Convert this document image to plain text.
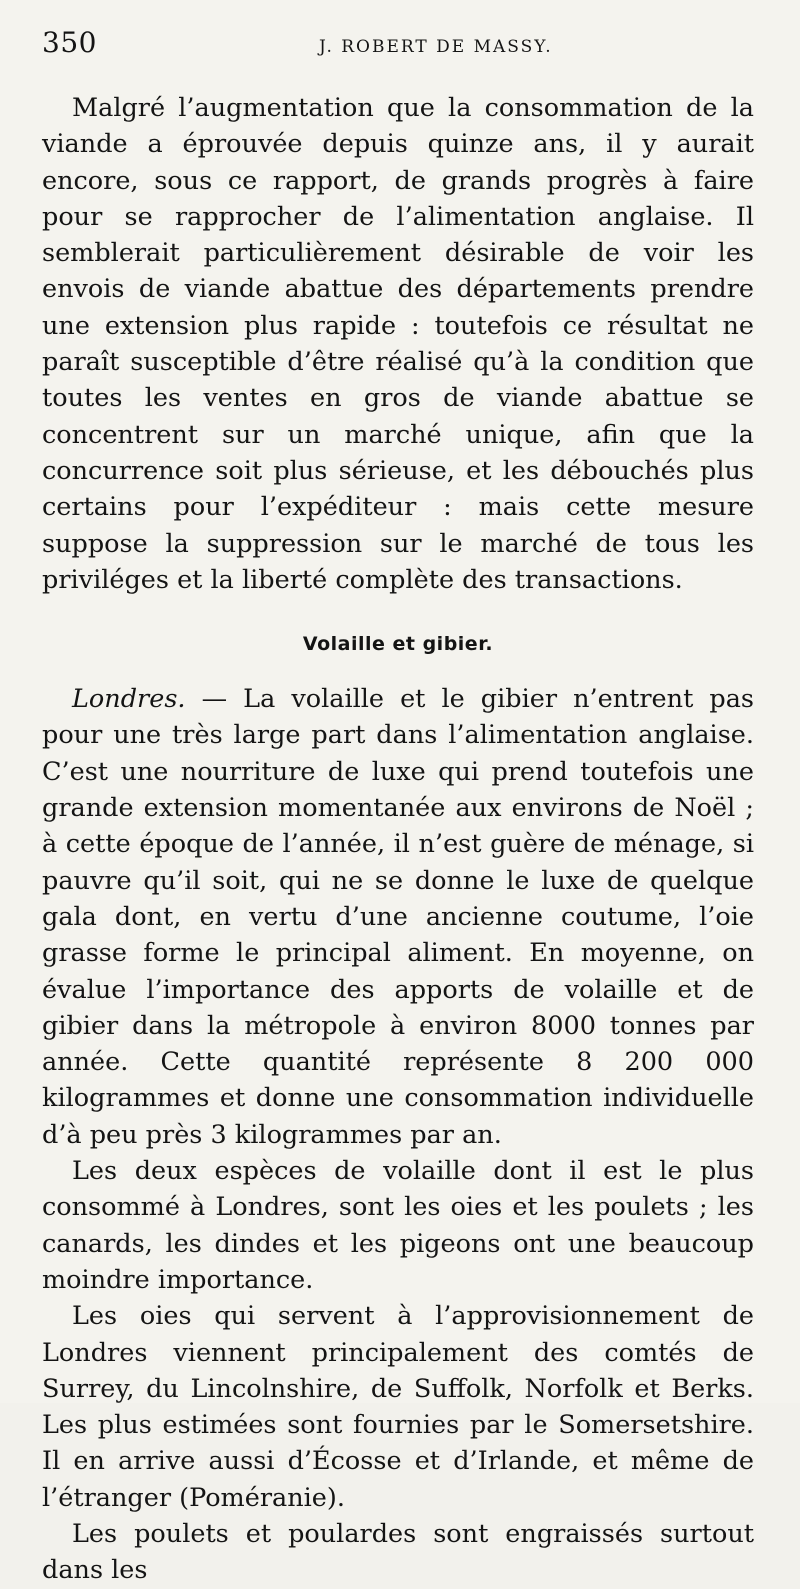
350	J. ROBERT DE MASSY.

Malgré l’augmentation que la consommation de la viande a éprouvée depuis quinze ans, il y aurait encore, sous ce rapport, de grands progrès à faire pour se rapprocher de l’alimentation anglaise. Il semblerait particulièrement désirable de voir les envois de viande abattue des départements prendre une extension plus rapide : toutefois ce résultat ne paraît susceptible d’être réalisé qu’à la condition que toutes les ventes en gros de viande abattue se concentrent sur un marché unique, afin que la concurrence soit plus sérieuse, et les débouchés plus certains pour l’expéditeur : mais cette mesure suppose la suppression sur le marché de tous les priviléges et la liberté complète des transactions.

Volaille et gibier.

Londres. — La volaille et le gibier n’entrent pas pour une très large part dans l’alimentation anglaise. C’est une nourriture de luxe qui prend toutefois une grande extension momentanée aux environs de Noël ; à cette époque de l’année, il n’est guère de ménage, si pauvre qu’il soit, qui ne se donne le luxe de quelque gala dont, en vertu d’une ancienne coutume, l’oie grasse forme le principal aliment. En moyenne, on évalue l’importance des apports de volaille et de gibier dans la métropole à environ 8000 tonnes par année. Cette quantité représente 8 200 000 kilogrammes et donne une consommation individuelle d’à peu près 3 kilogrammes par an.

Les deux espèces de volaille dont il est le plus consommé à Londres, sont les oies et les poulets ; les canards, les dindes et les pigeons ont une beaucoup moindre importance.

Les oies qui servent à l’approvisionnement de Londres viennent principalement des comtés de Surrey, du Lincolnshire, de Suffolk, Norfolk et Berks. Les plus estimées sont fournies par le Somersetshire. Il en arrive aussi d’Écosse et d’Irlande, et même de l’étranger (Poméranie).

Les poulets et poulardes sont engraissés surtout dans les
